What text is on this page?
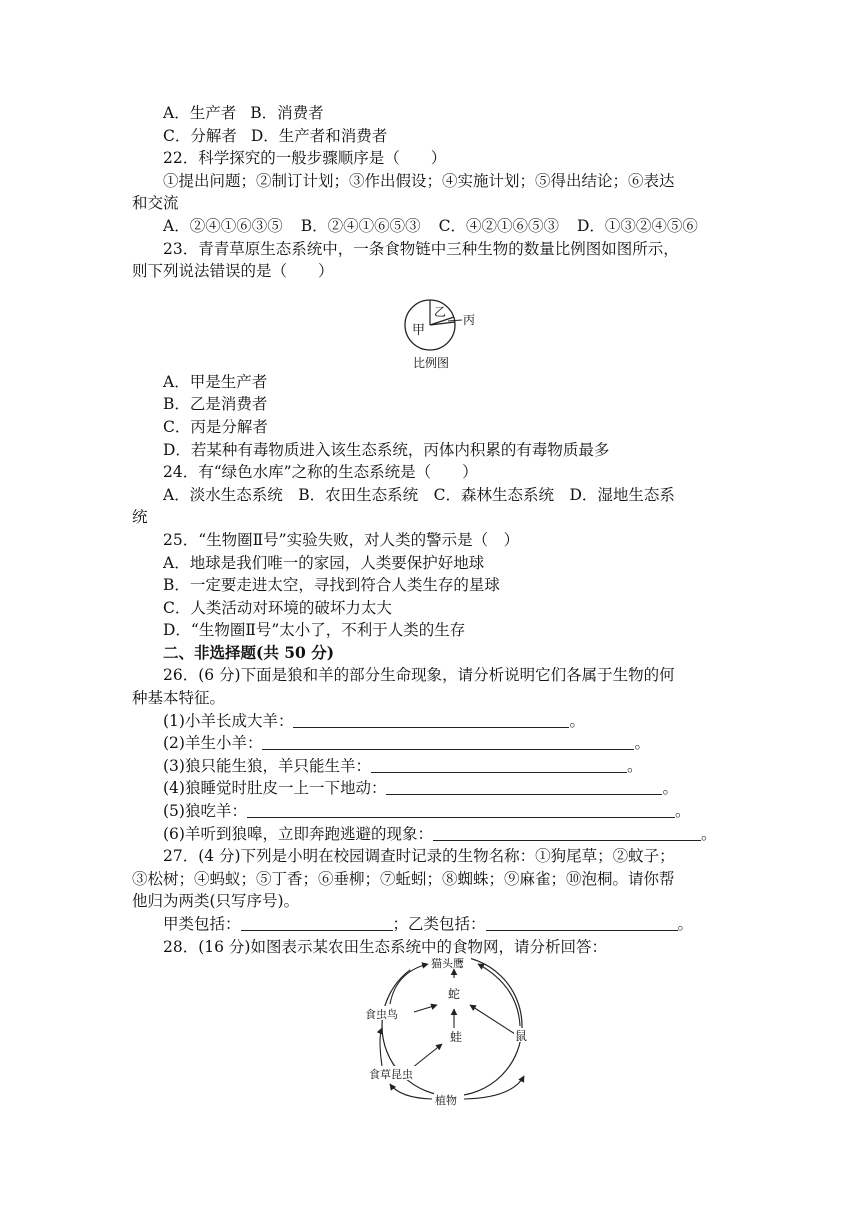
A．生产者 B．消费者
C．分解者 D．生产者和消费者
22．科学探究的一般步骤顺序是（　　）
①提出问题；②制订计划；③作出假设；④实施计划；⑤得出结论；⑥表达
和交流
A．②④①⑥③⑤ B．②④①⑥⑤③ C．④②①⑥⑤③ D．①③②④⑤⑥
23．青青草原生态系统中，一条食物链中三种生物的数量比例图如图所示，
则下列说法错误的是（　　）
甲
乙
丙
比例图
A．甲是生产者
B．乙是消费者
C．丙是分解者
D．若某种有毒物质进入该生态系统，丙体内积累的有毒物质最多
24．有“绿色水库”之称的生态系统是（　　）
A．淡水生态系统　B．农田生态系统　C．森林生态系统　D．湿地生态系
统
25．“生物圈Ⅱ号”实验失败，对人类的警示是（　）
A．地球是我们唯一的家园，人类要保护好地球
B．一定要走进太空，寻找到符合人类生存的星球
C．人类活动对环境的破坏力太大
D．“生物圈Ⅱ号”太小了，不利于人类的生存
二、非选择题(共 50 分)
26．(6 分)下面是狼和羊的部分生命现象，请分析说明它们各属于生物的何
种基本特征。
(1)小羊长成大羊：	。
(2)羊生小羊：	。
(3)狼只能生狼，羊只能生羊：	。
(4)狼睡觉时肚皮一上一下地动：	。
(5)狼吃羊：	。
(6)羊听到狼嗥，立即奔跑逃避的现象：	。
27．(4 分)下列是小明在校园调查时记录的生物名称：①狗尾草；②蚊子；
③松树；④蚂蚁；⑤丁香；⑥垂柳；⑦蚯蚓；⑧蜘蛛；⑨麻雀；⑩泡桐。请你帮
他归为两类(只写序号)。
甲类包括：	；乙类包括：	。
28．(16 分)如图表示某农田生态系统中的食物网，请分析回答：
猫头鹰
蛇
食虫鸟
蛙	鼠
食草昆虫
植物
